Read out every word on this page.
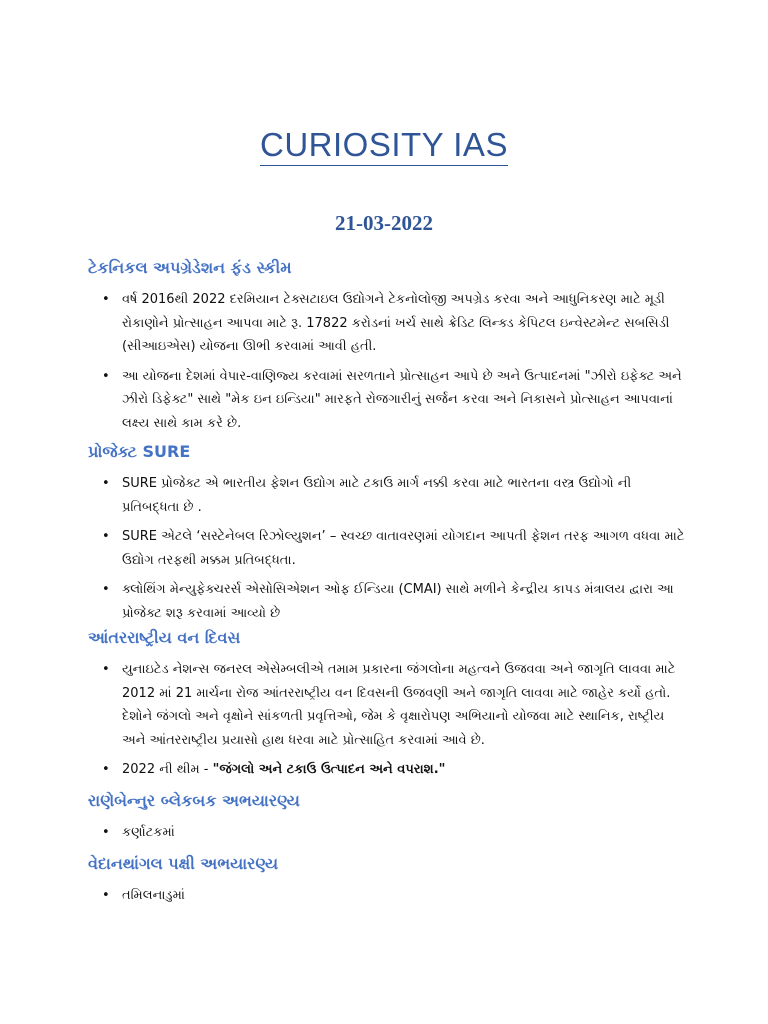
CURIOSITY IAS
21-03-2022
ટેકનિકલ અપગ્રેડેશન ફંડ સ્કીમ
• વર્ષ 2016થી 2022 દરમિયાન ટેક્સટાઇલ ઉદ્યોગને ટેકનોલોજી અપગ્રેડ કરવા અને આધુનિકરણ માટે મૂડી રોકાણોને પ્રોત્સાહન આપવા માટે રૂ. 17822 કરોડનાં ખર્ચ સાથે ક્રેડિટ લિન્ક્ડ કેપિટલ ઇન્વેસ્ટમેન્ટ સબસિડી (સીઆઇએસ) યોજના ઊભી કરવામાં આવી હતી.
• આ યોજના દેશમાં વેપાર-વાણિજ્ય કરવામાં સરળતાને પ્રોત્સાહન આપે છે અને ઉત્પાદનમાં "ઝીરો ઇફેક્ટ અને ઝીરો ડિફેક્ટ" સાથે "મેક ઇન ઇન્ડિયા" મારફતે રોજગારીનું સર્જન કરવા અને નિકાસને પ્રોત્સાહન આપવાનાં લક્ષ્ય સાથે કામ કરે છે.
પ્રોજેક્ટ SURE
• SURE પ્રોજેક્ટ એ ભારતીય ફેશન ઉદ્યોગ માટે ટકાઉ માર્ગ નક્કી કરવા માટે ભારતના વસ્ત્ર ઉદ્યોગો ની પ્રતિબદ્ધતા છે .
• SURE એટલે ‘સસ્ટેનેબલ રિઝોલ્યુશન’ – સ્વચ્છ વાતાવરણમાં યોગદાન આપતી ફેશન તરફ આગળ વધવા માટે ઉદ્યોગ તરફથી મક્કમ પ્રતિબદ્ધતા.
• ક્લોથિંગ મેન્યુફેક્ચરર્સ એસોસિએશન ઓફ ઈન્ડિયા (CMAI) સાથે મળીને કેન્દ્રીય કાપડ મંત્રાલય દ્વારા આ પ્રોજેક્ટ શરૂ કરવામાં આવ્યો છે
આંતરરાષ્ટ્રીય વન દિવસ
• યુનાઇટેડ નેશન્સ જનરલ એસેમ્બલીએ તમામ પ્રકારના જંગલોના મહત્વને ઉજવવા અને જાગૃતિ લાવવા માટે 2012 માં 21 માર્ચના રોજ આંતરરાષ્ટ્રીય વન દિવસની ઉજવણી અને જાગૃતિ લાવવા માટે જાહેર કર્યો હતો. દેશોને જંગલો અને વૃક્ષોને સાંકળતી પ્રવૃત્તિઓ, જેમ કે વૃક્ષારોપણ અભિયાનો યોજવા માટે સ્થાનિક, રાષ્ટ્રીય અને આંતરરાષ્ટ્રીય પ્રયાસો હાથ ધરવા માટે પ્રોત્સાહિત કરવામાં આવે છે.
• 2022 ની થીમ - "જંગલો અને ટકાઉ ઉત્પાદન અને વપરાશ."
રાણેબેન્નુર બ્લેકબક અભયારણ્ય
• કર્ણાટકમાં
વેદાનથાંગલ પક્ષી અભયારણ્ય
• તમિલનાડુમાં
